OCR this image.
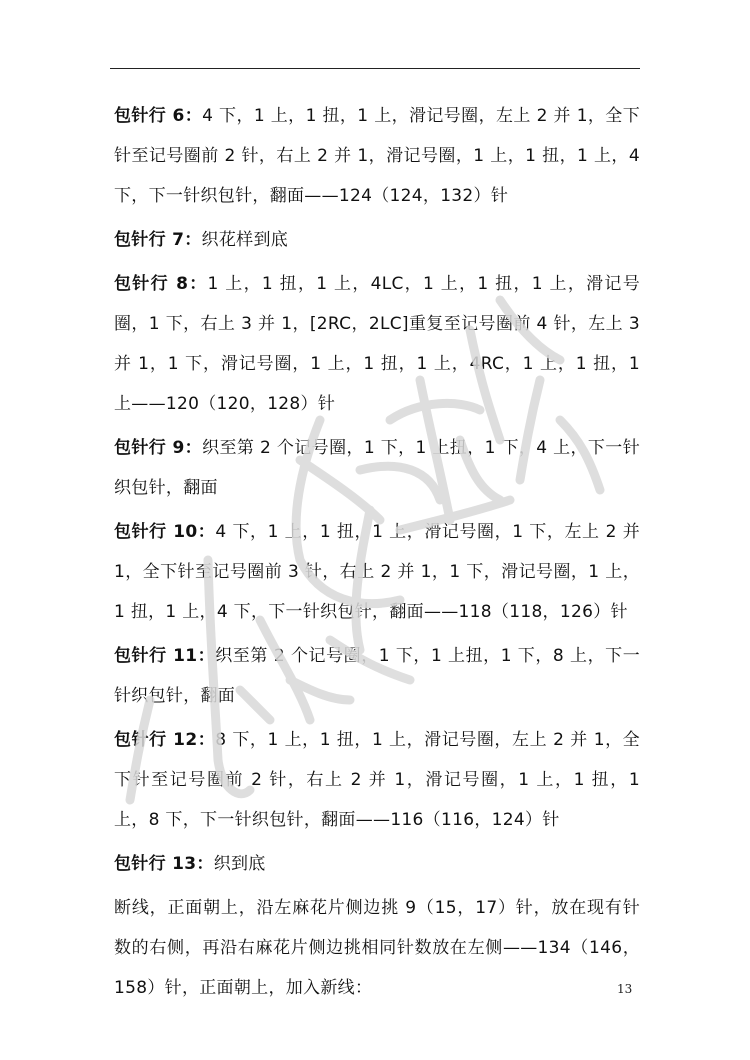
包针行 6：4 下，1 上，1 扭，1 上，滑记号圈，左上 2 并 1，全下针至记号圈前 2 针，右上 2 并 1，滑记号圈，1 上，1 扭，1 上，4 下，下一针织包针，翻面——124（124，132）针

包针行 7：织花样到底

包针行 8：1 上，1 扭，1 上，4LC，1 上，1 扭，1 上，滑记号圈，1 下，右上 3 并 1，[2RC，2LC]重复至记号圈前 4 针，左上 3 并 1，1 下，滑记号圈，1 上，1 扭，1 上，4RC，1 上，1 扭，1 上——120（120，128）针

包针行 9：织至第 2 个记号圈，1 下，1 上扭，1 下，4 上，下一针织包针，翻面

包针行 10：4 下，1 上，1 扭，1 上，滑记号圈，1 下，左上 2 并 1，全下针至记号圈前 3 针，右上 2 并 1，1 下，滑记号圈，1 上，1 扭，1 上，4 下，下一针织包针，翻面——118（118，126）针

包针行 11：织至第 2 个记号圈，1 下，1 上扭，1 下，8 上，下一针织包针，翻面

包针行 12：8 下，1 上，1 扭，1 上，滑记号圈，左上 2 并 1，全下针至记号圈前 2 针，右上 2 并 1，滑记号圈，1 上，1 扭，1 上，8 下，下一针织包针，翻面——116（116，124）针

包针行 13：织到底

断线，正面朝上，沿左麻花片侧边挑 9（15，17）针，放在现有针数的右侧，再沿右麻花片侧边挑相同针数放在左侧——134（146，158）针，正面朝上，加入新线：	13
